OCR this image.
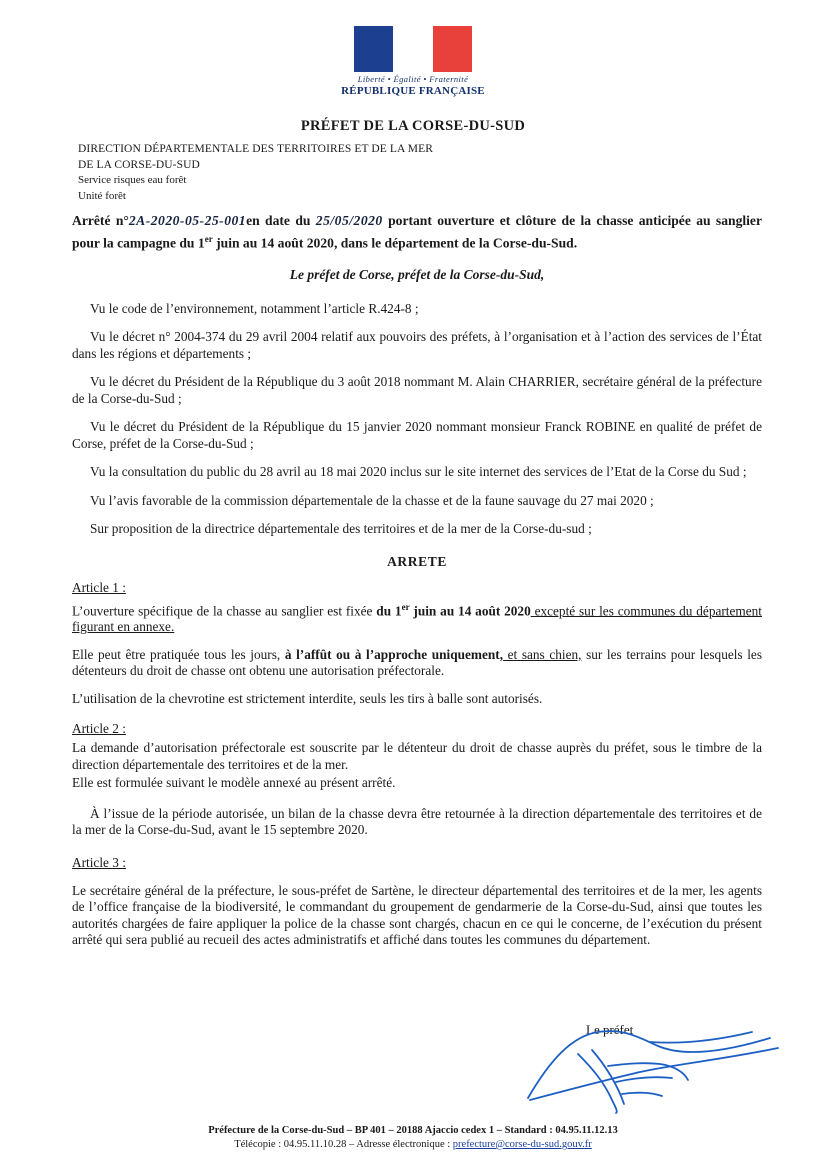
Liberté • Égalité • Fraternité
RÉPUBLIQUE FRANÇAISE
PRÉFET DE LA CORSE-DU-SUD
DIRECTION DÉPARTEMENTALE DES TERRITOIRES ET DE LA MER
DE LA CORSE-DU-SUD
Service risques eau forêt
Unité forêt
Arrêté n°2A-2020-05-25-001en date du 25/05/2020 portant ouverture et clôture de la chasse anticipée au sanglier pour la campagne du 1er juin au 14 août 2020, dans le département de la Corse-du-Sud.
Le préfet de Corse, préfet de la Corse-du-Sud,

Vu le code de l’environnement, notamment l’article R.424-8 ;

Vu le décret n° 2004-374 du 29 avril 2004 relatif aux pouvoirs des préfets, à l’organisation et à l’action des services de l’État dans les régions et départements ;

Vu le décret du Président de la République du 3 août 2018 nommant M. Alain CHARRIER, secrétaire général de la préfecture de la Corse-du-Sud ;

Vu le décret du Président de la République du 15 janvier 2020 nommant monsieur Franck ROBINE en qualité de préfet de Corse, préfet de la Corse-du-Sud ;

Vu la consultation du public du 28 avril au 18 mai 2020 inclus sur le site internet des services de l’Etat de la Corse du Sud ;

Vu l’avis favorable de la commission départementale de la chasse et de la faune sauvage du 27 mai 2020 ;

Sur proposition de la directrice départementale des territoires et de la mer de la Corse-du-sud ;

ARRETE
Article 1 :

L’ouverture spécifique de la chasse au sanglier est fixée du 1er juin au 14 août 2020 excepté sur les communes du département figurant en annexe.

Elle peut être pratiquée tous les jours, à l’affût ou à l’approche uniquement, et sans chien, sur les terrains pour lesquels les détenteurs du droit de chasse ont obtenu une autorisation préfectorale.

L’utilisation de la chevrotine est strictement interdite, seuls les tirs à balle sont autorisés.

Article 2 :

La demande d’autorisation préfectorale est souscrite par le détenteur du droit de chasse auprès du préfet, sous le timbre de la direction départementale des territoires et de la mer.

Elle est formulée suivant le modèle annexé au présent arrêté.

À l’issue de la période autorisée, un bilan de la chasse devra être retournée à la direction départementale des territoires et de la mer de la Corse-du-Sud, avant le 15 septembre 2020.

Article 3 :

Le secrétaire général de la préfecture, le sous-préfet de Sartène, le directeur départemental des territoires et de la mer, les agents de l’office française de la biodiversité, le commandant du groupement de gendarmerie de la Corse-du-Sud, ainsi que toutes les autorités chargées de faire appliquer la police de la chasse sont chargés, chacun en ce qui le concerne, de l’exécution du présent arrêté qui sera publié au recueil des actes administratifs et affiché dans toutes les communes du département.

Le préfet
Préfecture de la Corse-du-Sud – BP 401 – 20188 Ajaccio cedex 1 – Standard : 04.95.11.12.13
Télécopie : 04.95.11.10.28 – Adresse électronique : prefecture@corse-du-sud.gouv.fr
